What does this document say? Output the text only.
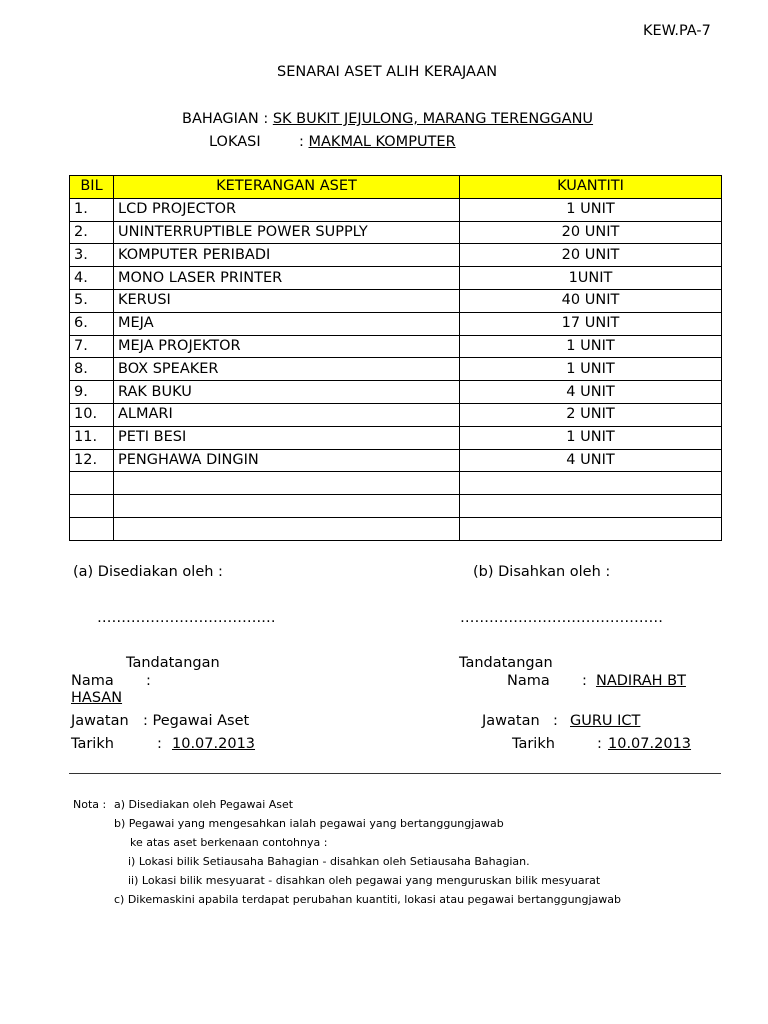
KEW.PA-7
SENARAI ASET ALIH KERAJAAN
BAHAGIAN : SK BUKIT JEJULONG, MARANG TERENGGANU
LOKASI	: MAKMAL KOMPUTER
BIL	KETERANGAN ASET	KUANTITI
1.	LCD PROJECTOR	1 UNIT
2.	UNINTERRUPTIBLE POWER SUPPLY	20 UNIT
3.	KOMPUTER PERIBADI	20 UNIT
4.	MONO LASER PRINTER	1UNIT
5.	KERUSI	40 UNIT
6.	MEJA	17 UNIT
7.	MEJA PROJEKTOR	1 UNIT
8.	BOX SPEAKER	1 UNIT
9.	RAK BUKU	4 UNIT
10.	ALMARI	2 UNIT
11.	PETI BESI	1 UNIT
12.	PENGHAWA DINGIN	4 UNIT

(a) Disediakan oleh :	(b) Disahkan oleh :
…………………………….…	……………………………………
Tandatangan	Tandatangan
Nama :	Nama : NADIRAH BT
HASAN
Jawatan : Pegawai Aset	Jawatan : GURU ICT
Tarikh	: 10.07.2013	Tarikh	: 10.07.2013
Nota : a) Disediakan oleh Pegawai Aset
b) Pegawai yang mengesahkan ialah pegawai yang bertanggungjawab
ke atas aset berkenaan contohnya :
i) Lokasi bilik Setiausaha Bahagian - disahkan oleh Setiausaha Bahagian.
ii) Lokasi bilik mesyuarat - disahkan oleh pegawai yang menguruskan bilik mesyuarat
c) Dikemaskini apabila terdapat perubahan kuantiti, lokasi atau pegawai bertanggungjawab
